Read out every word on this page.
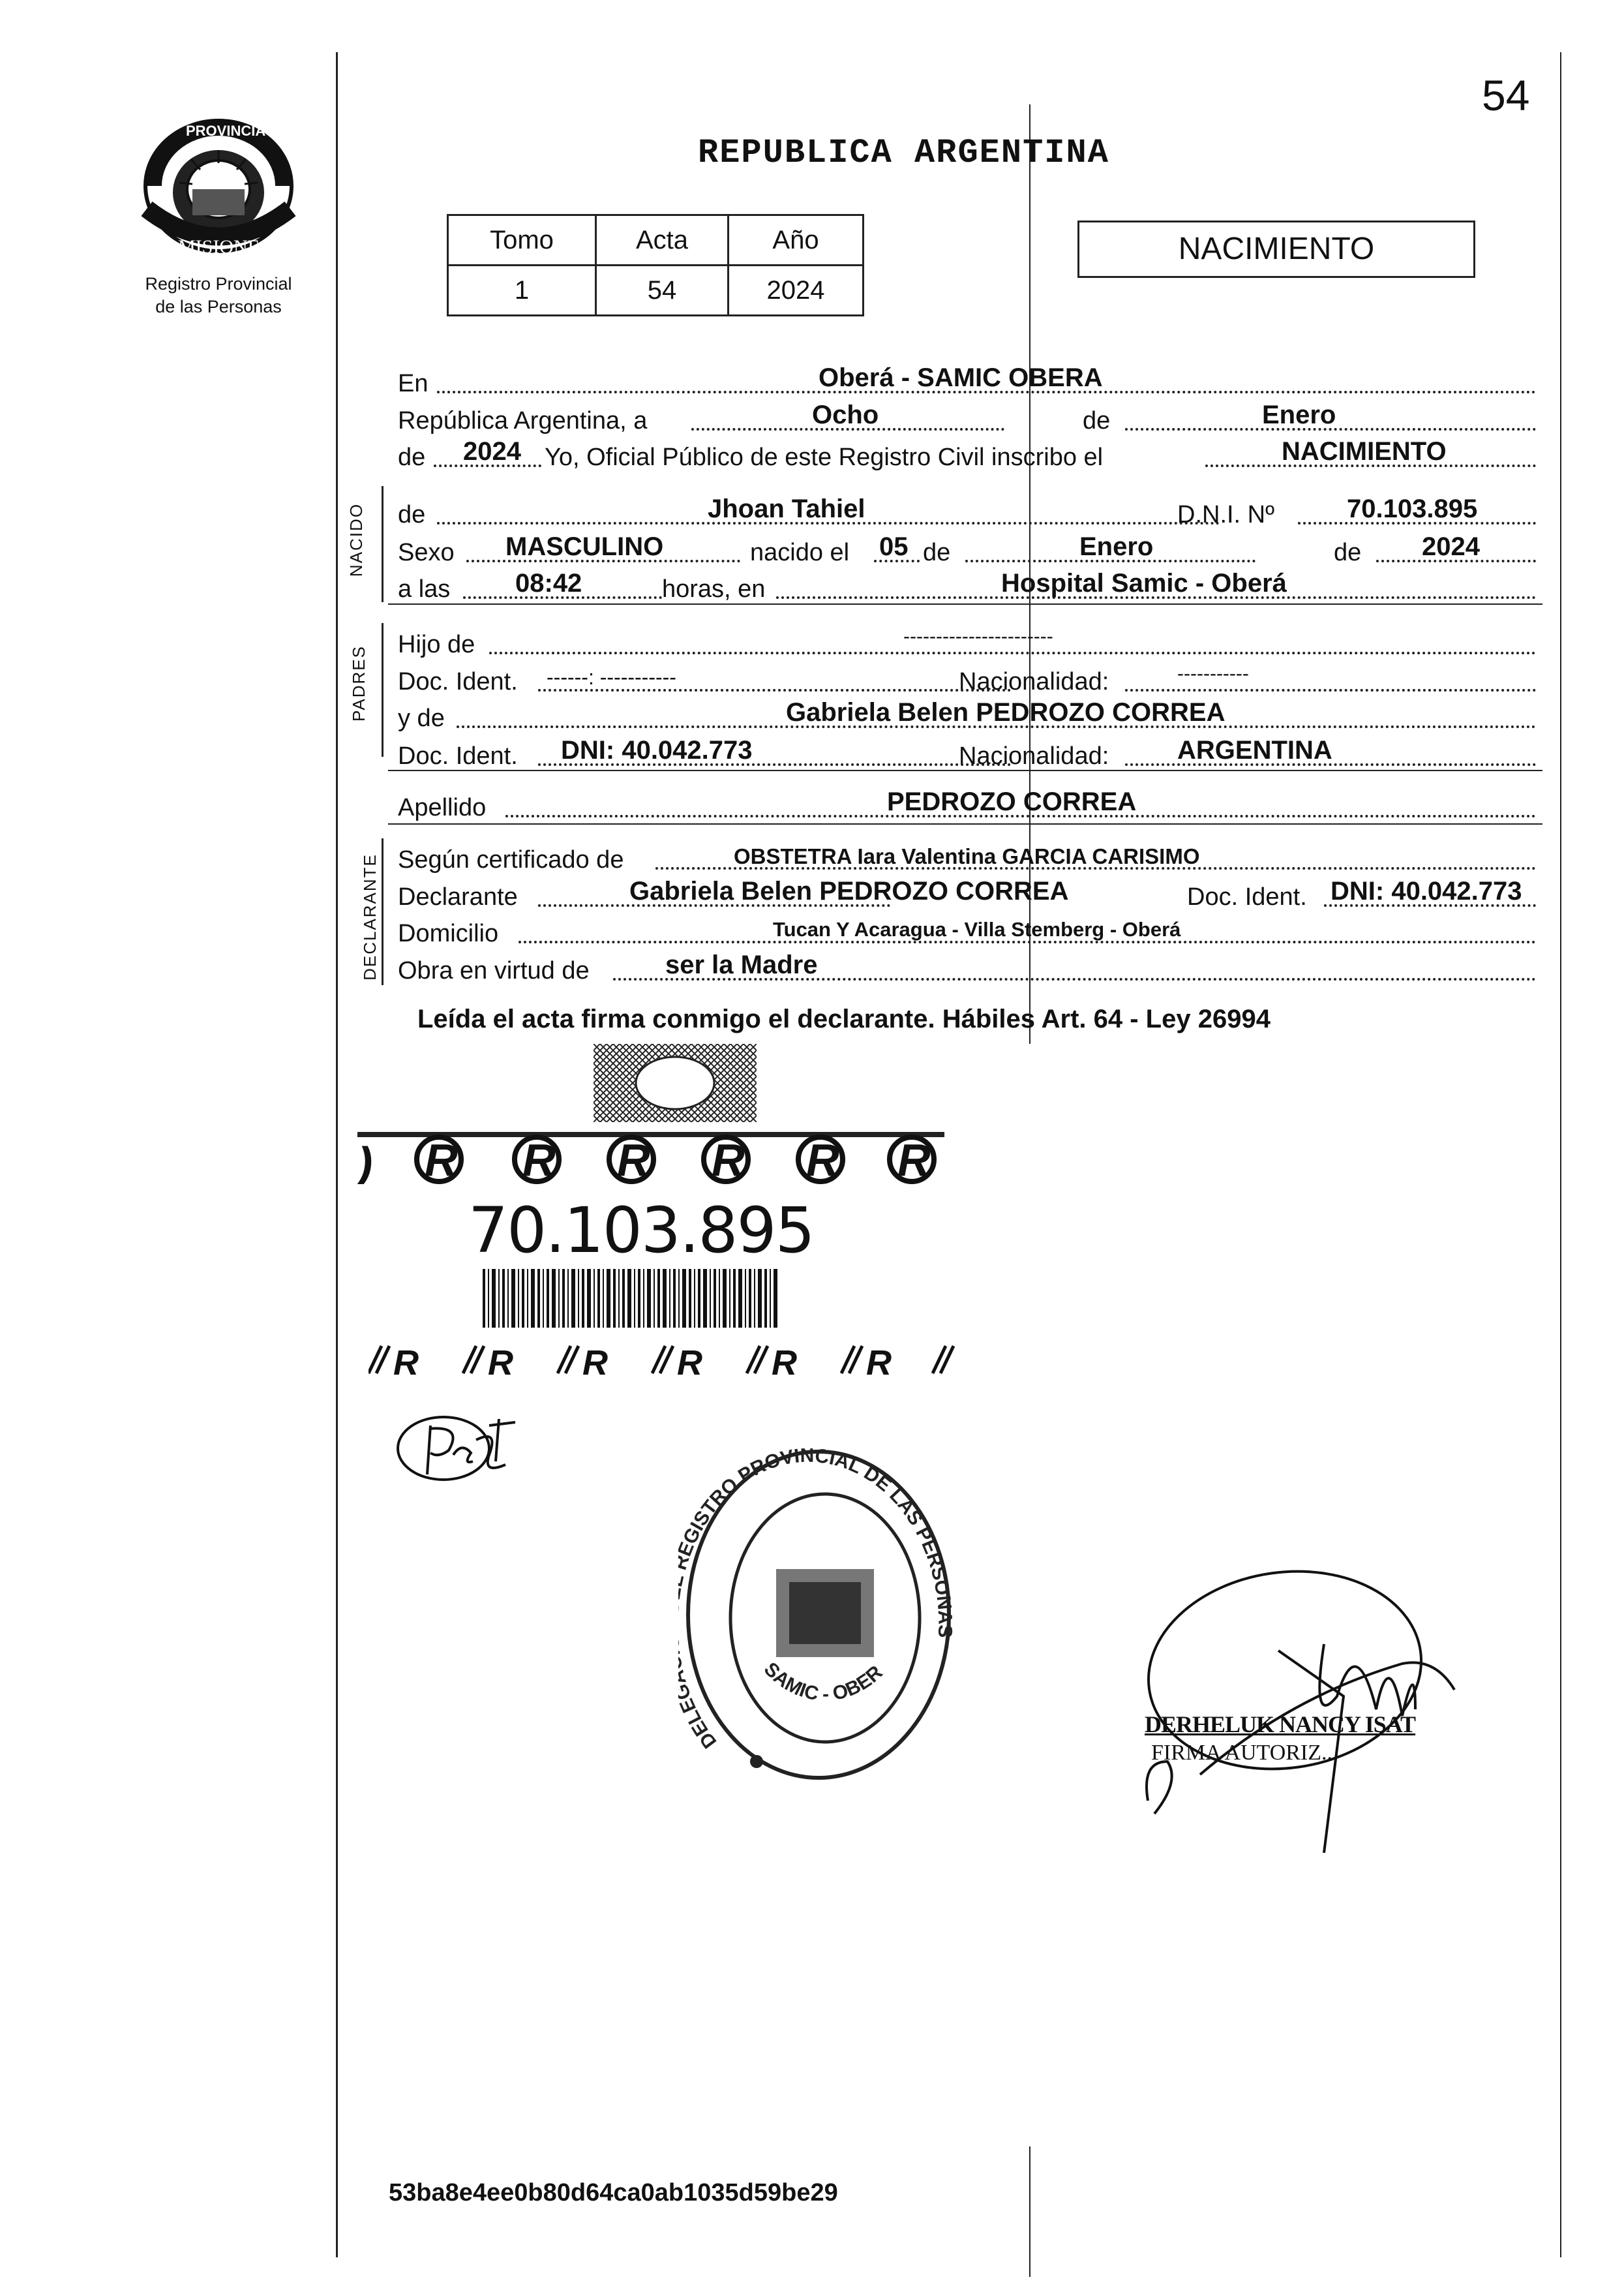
54
PROVINCIA DE
MISIONES
Registro Provincial
de las Personas
REPUBLICA ARGENTINA
Tomo	Acta	Año
1	54	2024
NACIMIENTO
NACIDO
PADRES
DECLARANTE
En	Oberá - SAMIC OBERA
República Argentina, a	Ocho	de	Enero
de 2024 Yo, Oficial Público de este Registro Civil inscribo el	NACIMIENTO
de	Jhoan Tahiel	D.N.I. Nº	70.103.895
Sexo MASCULINO	nacido el 05 de	Enero	de 2024
a las 08:42	horas, en	Hospital Samic - Oberá
Hijo de	-----------------------
Doc. Ident. ------: -----------	Nacionalidad:	-----------
y de	Gabriela Belen PEDROZO CORREA
Doc. Ident. DNI: 40.042.773	Nacionalidad:	ARGENTINA
Apellido	PEDROZO CORREA
Según certificado de	OBSTETRA Iara Valentina GARCIA CARISIMO
Declarante	Gabriela Belen PEDROZO CORREA	Doc. Ident. DNI: 40.042.773
Domicilio	Tucan Y Acaragua - Villa Stemberg - Oberá
Obra en virtud de	ser la Madre
Leída el acta firma conmigo el declarante. Hábiles Art. 64 - Ley 26994
) R R R R R R
70.103.895
R R R R R R
DEL GISTRO PROVINCIAL DE LAS PERSONAS
SAMIC - OBER
DERHELUK NANCY ISAT
FIRMA AUTORIZ...
53ba8e4ee0b80d64ca0ab1035d59be29
